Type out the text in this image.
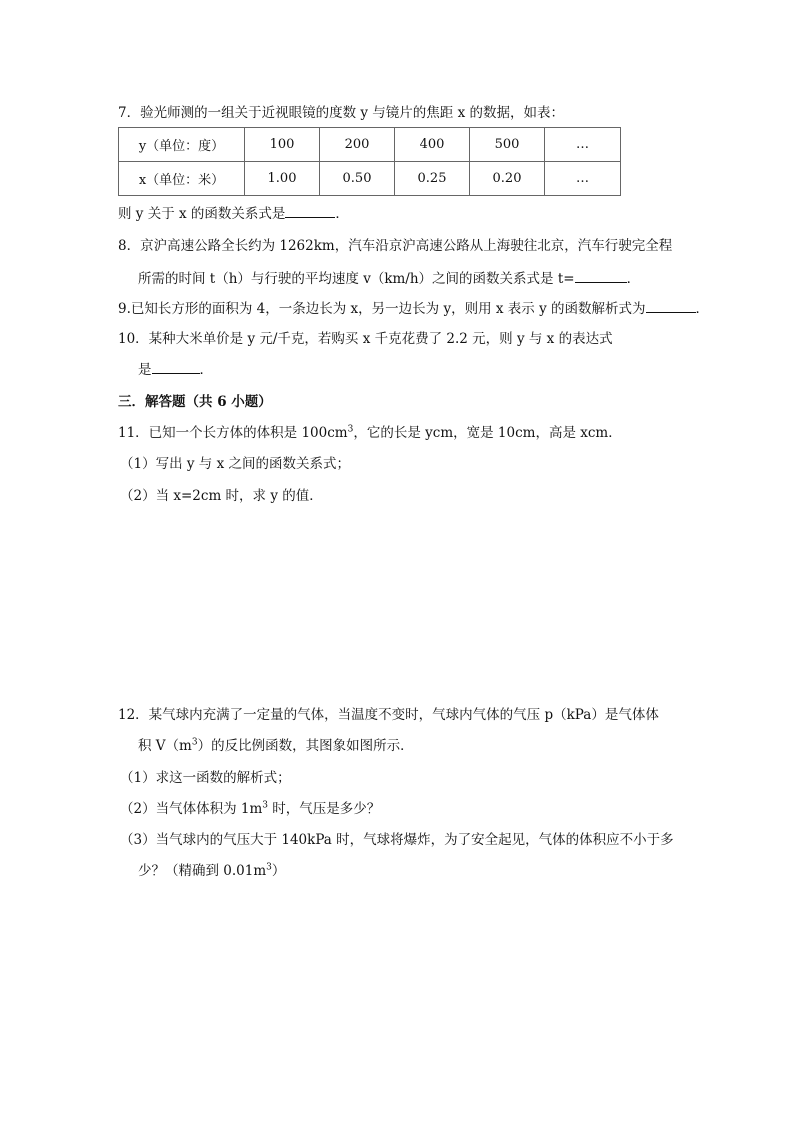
7．验光师测的一组关于近视眼镜的度数 y 与镜片的焦距 x 的数据，如表：
y（单位：度）	100	200	400	500	…
x（单位：米）	1.00	0.50	0.25	0.20	…
则 y 关于 x 的函数关系式是	．
8．京沪高速公路全长约为 1262km，汽车沿京沪高速公路从上海驶往北京，汽车行驶完全程
所需的时间 t（h）与行驶的平均速度 v（km/h）之间的函数关系式是 t=	．
9.已知长方形的面积为 4，一条边长为 x，另一边长为 y，则用 x 表示 y 的函数解析式为	．
10．某种大米单价是 y 元/千克，若购买 x 千克花费了 2.2 元，则 y 与 x 的表达式
是	．
三．解答题（共 6 小题）
11．已知一个长方体的体积是 $100cm^3$，它的长是 ycm，宽是 10cm，高是 xcm．
（1）写出 y 与 x 之间的函数关系式；
（2）当 x=2cm 时，求 y 的值．
12．某气球内充满了一定量的气体，当温度不变时，气球内气体的气压 p（kPa）是气体体
积 $V(m^3)$的反比例函数，其图象如图所示．
（1）求这一函数的解析式；
（2）当气体体积为 $1m^3$ 时，气压是多少？
（3）当气球内的气压大于 140kPa 时，气球将爆炸，为了安全起见，气体的体积应不小于多
少？（精确到 $0.01m^3$）
